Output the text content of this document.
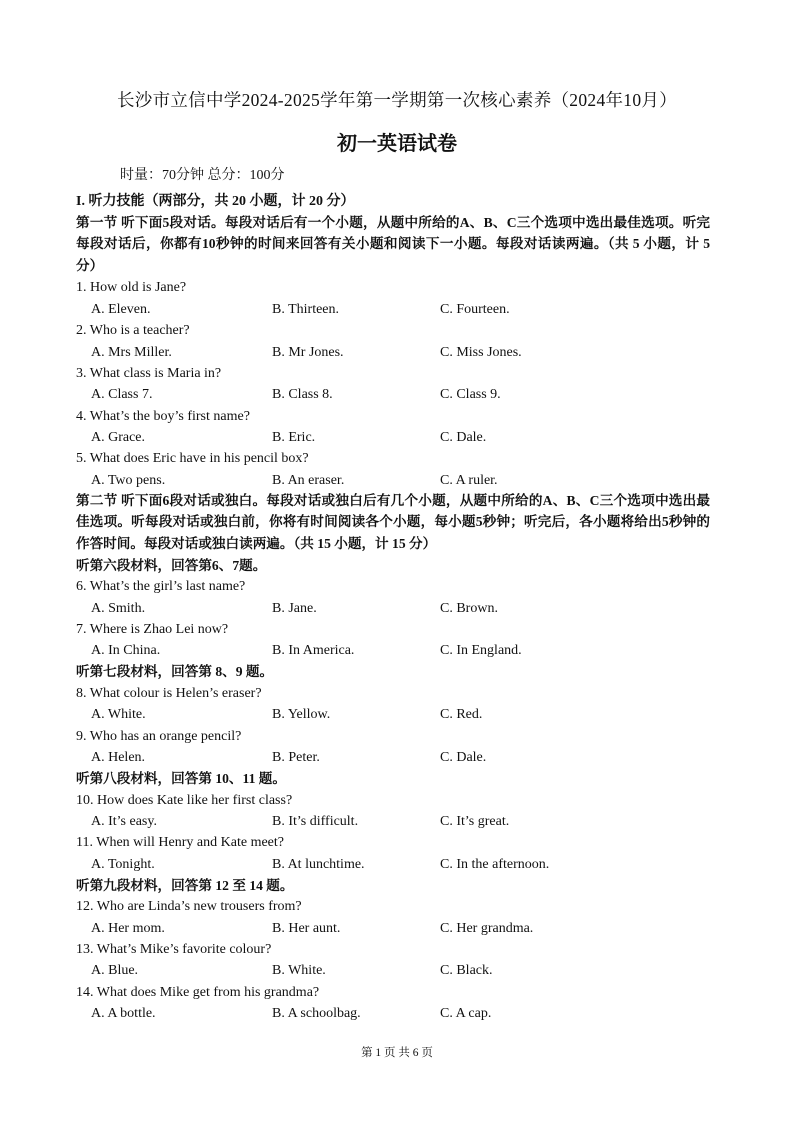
长沙市立信中学2024-2025学年第一学期第一次核心素养（2024年10月）
初一英语试卷
时量：70分钟 总分：100分
I. 听力技能（两部分，共 20 小题，计 20 分）
第一节 听下面5段对话。每段对话后有一个小题，从题中所给的A、B、C三个选项中选出最佳选项。听完每段对话后，你都有10秒钟的时间来回答有关小题和阅读下一小题。每段对话读两遍。（共 5 小题，计 5 分）
1. How old is Jane?
A. Eleven.	B. Thirteen.	C. Fourteen.
2. Who is a teacher?
A. Mrs Miller.	B. Mr Jones.	C. Miss Jones.
3. What class is Maria in?
A. Class 7.	B. Class 8.	C. Class 9.
4. What’s the boy’s first name?
A. Grace.	B. Eric.	C. Dale.
5. What does Eric have in his pencil box?
A. Two pens.	B. An eraser.	C. A ruler.
第二节 听下面6段对话或独白。每段对话或独白后有几个小题，从题中所给的A、B、C三个选项中选出最佳选项。听每段对话或独白前，你将有时间阅读各个小题，每小题5秒钟；听完后，各小题将给出5秒钟的作答时间。每段对话或独白读两遍。（共 15 小题，计 15 分）
听第六段材料，回答第6、7题。
6. What’s the girl’s last name?
A. Smith.	B. Jane.	C. Brown.
7. Where is Zhao Lei now?
A. In China.	B. In America.	C. In England.
听第七段材料，回答第 8、9 题。
8. What colour is Helen’s eraser?
A. White.	B. Yellow.	C. Red.
9. Who has an orange pencil?
A. Helen.	B. Peter.	C. Dale.
听第八段材料，回答第 10、11 题。
10. How does Kate like her first class?
A. It’s easy.	B. It’s difficult.	C. It’s great.
11. When will Henry and Kate meet?
A. Tonight.	B. At lunchtime.	C. In the afternoon.
听第九段材料，回答第 12 至 14 题。
12. Who are Linda’s new trousers from?
A. Her mom.	B. Her aunt.	C. Her grandma.
13. What’s Mike’s favorite colour?
A. Blue.	B. White.	C. Black.
14. What does Mike get from his grandma?
A. A bottle.	B. A schoolbag.	C. A cap.
第 1 页 共 6 页
